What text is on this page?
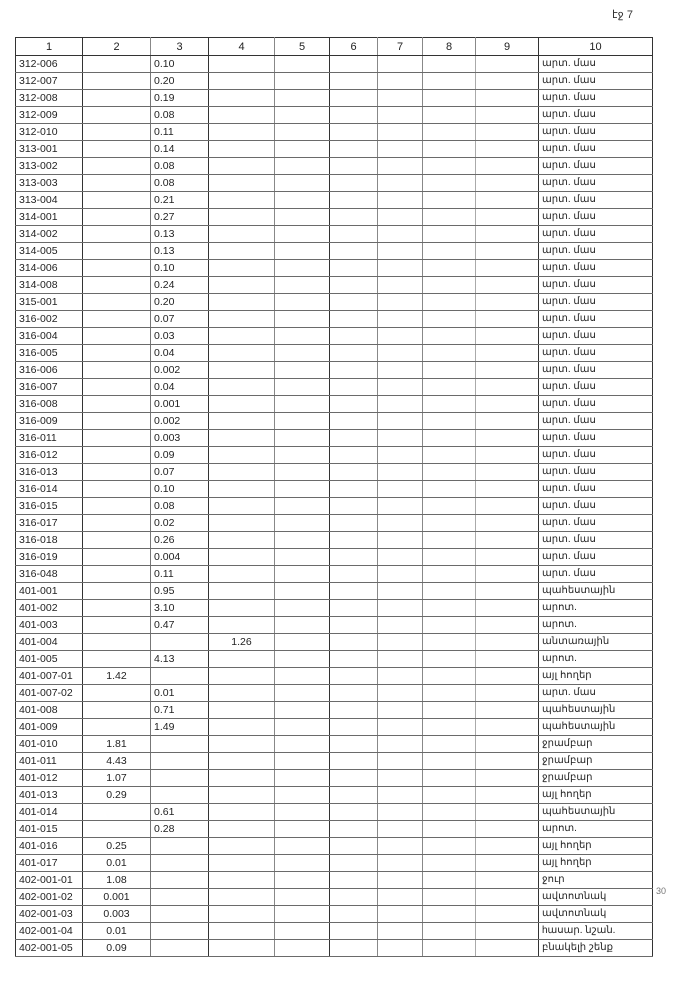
էջ 7
30
1	2	3	4	5	6	7	8	9	10
312-006		0.10							արտ. մաս
312-007		0.20							արտ. մաս
312-008		0.19							արտ. մաս
312-009		0.08							արտ. մաս
312-010		0.11							արտ. մաս
313-001		0.14							արտ. մաս
313-002		0.08							արտ. մաս
313-003		0.08							արտ. մաս
313-004		0.21							արտ. մաս
314-001		0.27							արտ. մաս
314-002		0.13							արտ. մաս
314-005		0.13							արտ. մաս
314-006		0.10							արտ. մաս
314-008		0.24							արտ. մաս
315-001		0.20							արտ. մաս
316-002		0.07							արտ. մաս
316-004		0.03							արտ. մաս
316-005		0.04							արտ. մաս
316-006		0.002							արտ. մաս
316-007		0.04							արտ. մաս
316-008		0.001							արտ. մաս
316-009		0.002							արտ. մաս
316-011		0.003							արտ. մաս
316-012		0.09							արտ. մաս
316-013		0.07							արտ. մաս
316-014		0.10							արտ. մաս
316-015		0.08							արտ. մաս
316-017		0.02							արտ. մաս
316-018		0.26							արտ. մաս
316-019		0.004							արտ. մաս
316-048		0.11							արտ. մաս
401-001		0.95							պահեստային
401-002		3.10							արոտ.
401-003		0.47							արոտ.
401-004			1.26						անտառային
401-005		4.13							արոտ.
401-007-01	1.42								այլ հողեր
401-007-02		0.01							արտ. մաս
401-008		0.71							պահեստային
401-009		1.49							պահեստային
401-010	1.81								ջրամբար
401-011	4.43								ջրամբար
401-012	1.07								ջրամբար
401-013	0.29								այլ հողեր
401-014		0.61							պահեստային
401-015		0.28							արոտ.
401-016	0.25								այլ հողեր
401-017	0.01								այլ հողեր
402-001-01	1.08								ջուր
402-001-02	0.001								ավտոտնակ
402-001-03	0.003								ավտոտնակ
402-001-04	0.01								hասար. նշան.
402-001-05	0.09								բնակելի շենք
